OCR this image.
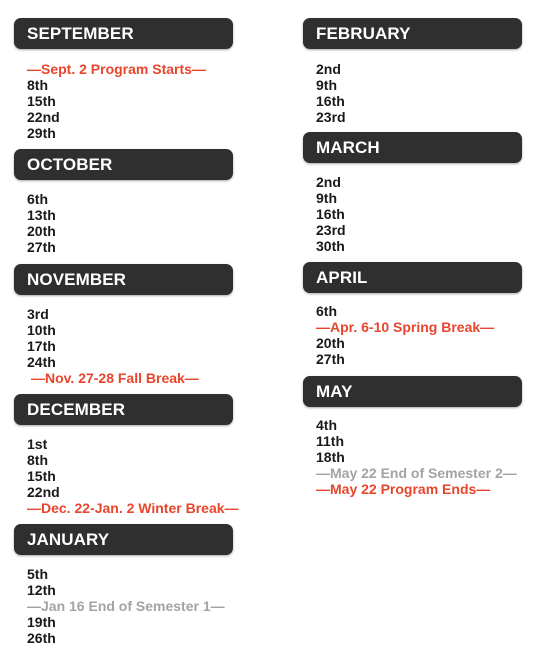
SEPTEMBER
—Sept. 2 Program Starts—
8th
15th
22nd
29th
OCTOBER
6th
13th
20th
27th
NOVEMBER
3rd
10th
17th
24th
—Nov. 27-28 Fall Break—
DECEMBER
1st
8th
15th
22nd
—Dec. 22-Jan. 2 Winter Break—
JANUARY
5th
12th
—Jan 16 End of Semester 1—
19th
26th
FEBRUARY
2nd
9th
16th
23rd
MARCH
2nd
9th
16th
23rd
30th
APRIL
6th
—Apr. 6-10 Spring Break—
20th
27th
MAY
4th
11th
18th
—May 22 End of Semester 2—
—May 22 Program Ends—
